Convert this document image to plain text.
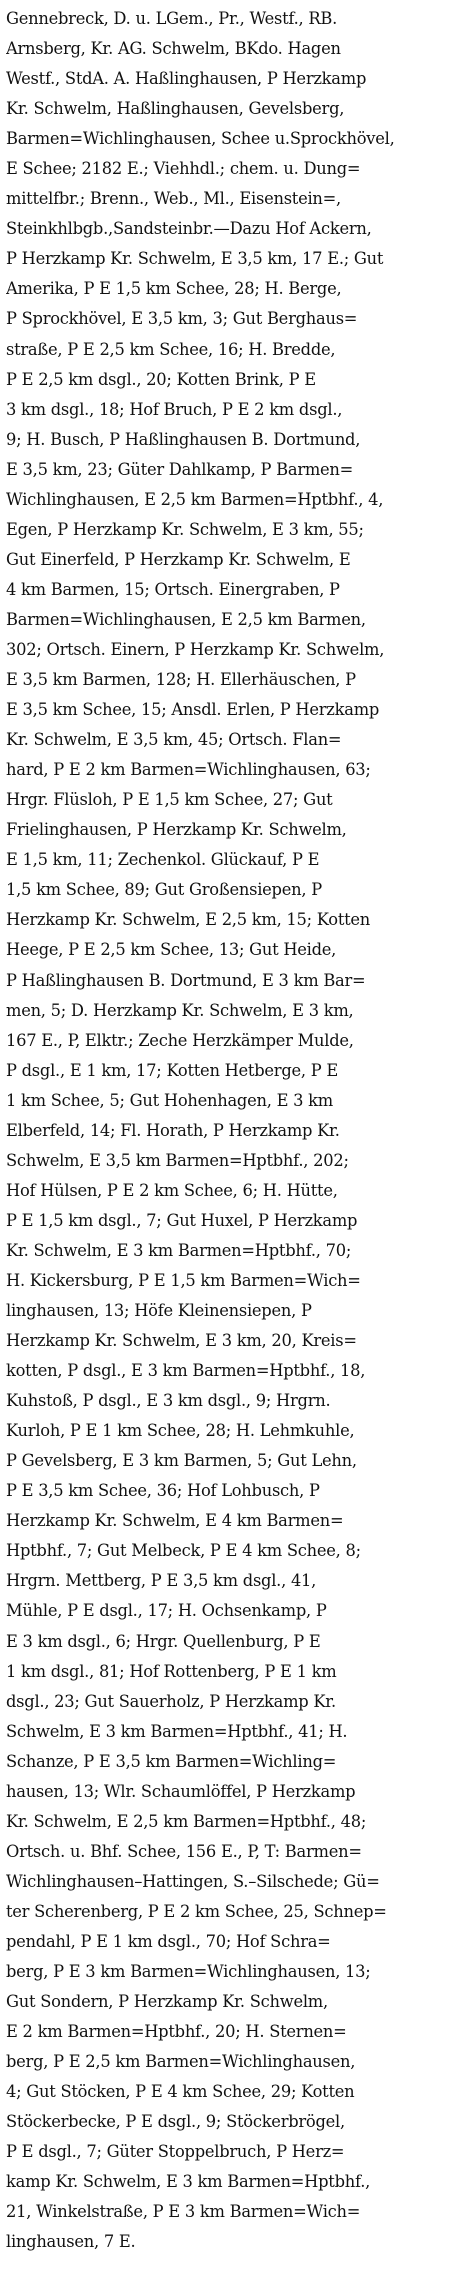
Gennebreck, D. u. LGem., Pr., Westf., RB.
Arnsberg, Kr. AG. Schwelm, BKdo. Hagen
Westf., StdA. A. Haßlinghausen, P Herzkamp
Kr. Schwelm, Haßlinghausen, Gevelsberg,
Barmen=Wichlinghausen, Schee u.Sprockhövel,
E Schee; 2182 E.; Viehhdl.; chem. u. Dung=
mittelfbr.; Brenn., Web., Ml., Eisenstein=,
Steinkhlbgb.,Sandsteinbr.—Dazu Hof Ackern,
P Herzkamp Kr. Schwelm, E 3,5 km, 17 E.; Gut
Amerika, P E 1,5 km Schee, 28; H. Berge,
P Sprockhövel, E 3,5 km, 3; Gut Berghaus=
straße, P E 2,5 km Schee, 16; H. Bredde,
P E 2,5 km dsgl., 20; Kotten Brink, P E
3 km dsgl., 18; Hof Bruch, P E 2 km dsgl.,
9; H. Busch, P Haßlinghausen B. Dortmund,
E 3,5 km, 23; Güter Dahlkamp, P Barmen=
Wichlinghausen, E 2,5 km Barmen=Hptbhf., 4,
Egen, P Herzkamp Kr. Schwelm, E 3 km, 55;
Gut Einerfeld, P Herzkamp Kr. Schwelm, E
4 km Barmen, 15; Ortsch. Einergraben, P
Barmen=Wichlinghausen, E 2,5 km Barmen,
302; Ortsch. Einern, P Herzkamp Kr. Schwelm,
E 3,5 km Barmen, 128; H. Ellerhäuschen, P
E 3,5 km Schee, 15; Ansdl. Erlen, P Herzkamp
Kr. Schwelm, E 3,5 km, 45; Ortsch. Flan=
hard, P E 2 km Barmen=Wichlinghausen, 63;
Hrgr. Flüsloh, P E 1,5 km Schee, 27; Gut
Frielinghausen, P Herzkamp Kr. Schwelm,
E 1,5 km, 11; Zechenkol. Glückauf, P E
1,5 km Schee, 89; Gut Großensiepen, P
Herzkamp Kr. Schwelm, E 2,5 km, 15; Kotten
Heege, P E 2,5 km Schee, 13; Gut Heide,
P Haßlinghausen B. Dortmund, E 3 km Bar=
men, 5; D. Herzkamp Kr. Schwelm, E 3 km,
167 E., P, Elktr.; Zeche Herzkämper Mulde,
P dsgl., E 1 km, 17; Kotten Hetberge, P E
1 km Schee, 5; Gut Hohenhagen, E 3 km
Elberfeld, 14; Fl. Horath, P Herzkamp Kr.
Schwelm, E 3,5 km Barmen=Hptbhf., 202;
Hof Hülsen, P E 2 km Schee, 6; H. Hütte,
P E 1,5 km dsgl., 7; Gut Huxel, P Herzkamp
Kr. Schwelm, E 3 km Barmen=Hptbhf., 70;
H. Kickersburg, P E 1,5 km Barmen=Wich=
linghausen, 13; Höfe Kleinensiepen, P
Herzkamp Kr. Schwelm, E 3 km, 20, Kreis=
kotten, P dsgl., E 3 km Barmen=Hptbhf., 18,
Kuhstoß, P dsgl., E 3 km dsgl., 9; Hrgrn.
Kurloh, P E 1 km Schee, 28; H. Lehmkuhle,
P Gevelsberg, E 3 km Barmen, 5; Gut Lehn,
P E 3,5 km Schee, 36; Hof Lohbusch, P
Herzkamp Kr. Schwelm, E 4 km Barmen=
Hptbhf., 7; Gut Melbeck, P E 4 km Schee, 8;
Hrgrn. Mettberg, P E 3,5 km dsgl., 41,
Mühle, P E dsgl., 17; H. Ochsenkamp, P
E 3 km dsgl., 6; Hrgr. Quellenburg, P E
1 km dsgl., 81; Hof Rottenberg, P E 1 km
dsgl., 23; Gut Sauerholz, P Herzkamp Kr.
Schwelm, E 3 km Barmen=Hptbhf., 41; H.
Schanze, P E 3,5 km Barmen=Wichling=
hausen, 13; Wlr. Schaumlöffel, P Herzkamp
Kr. Schwelm, E 2,5 km Barmen=Hptbhf., 48;
Ortsch. u. Bhf. Schee, 156 E., P, T: Barmen=
Wichlinghausen–Hattingen, S.–Silschede; Gü=
ter Scherenberg, P E 2 km Schee, 25, Schnep=
pendahl, P E 1 km dsgl., 70; Hof Schra=
berg, P E 3 km Barmen=Wichlinghausen, 13;
Gut Sondern, P Herzkamp Kr. Schwelm,
E 2 km Barmen=Hptbhf., 20; H. Sternen=
berg, P E 2,5 km Barmen=Wichlinghausen,
4; Gut Stöcken, P E 4 km Schee, 29; Kotten
Stöckerbecke, P E dsgl., 9; Stöckerbrögel,
P E dsgl., 7; Güter Stoppelbruch, P Herz=
kamp Kr. Schwelm, E 3 km Barmen=Hptbhf.,
21, Winkelstraße, P E 3 km Barmen=Wich=
linghausen, 7 E.
